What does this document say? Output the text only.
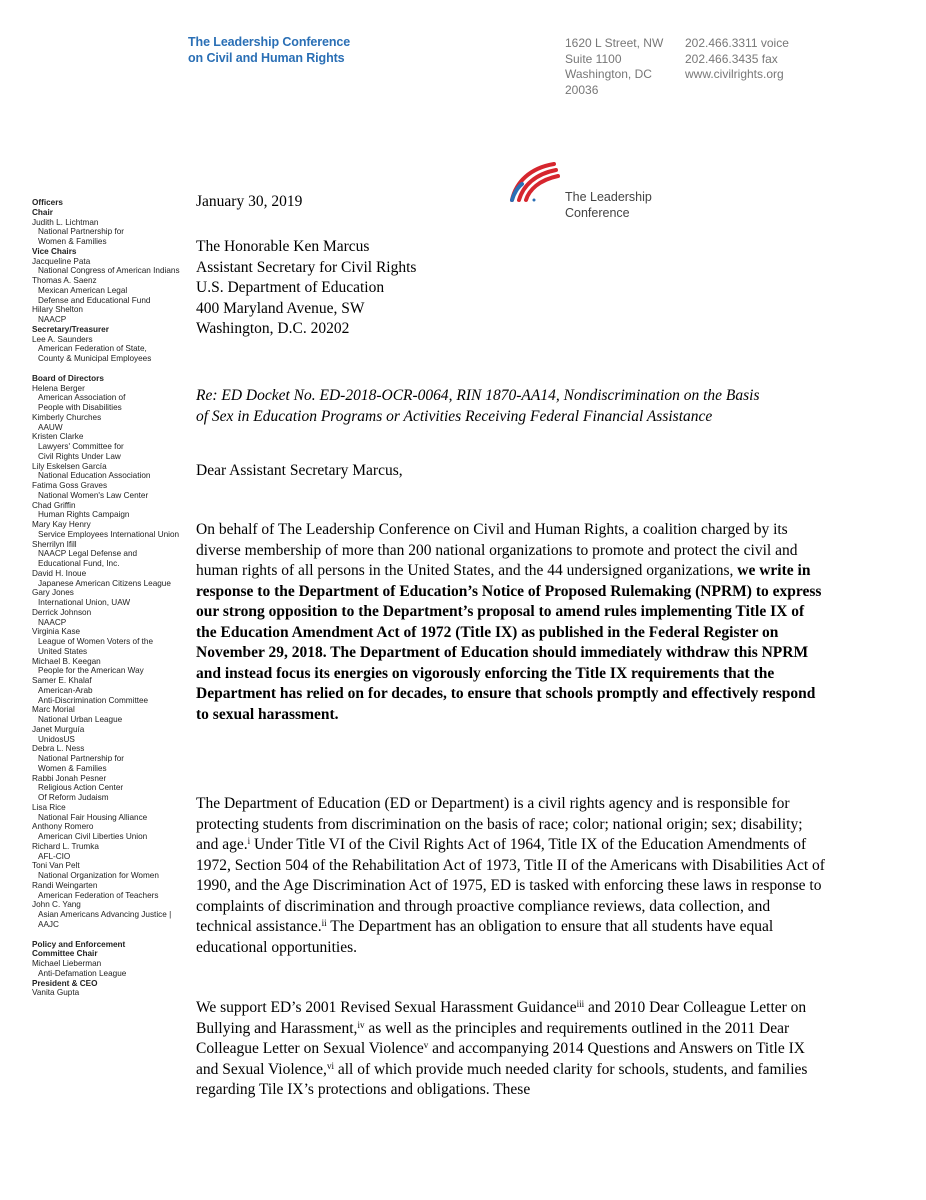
The Leadership Conference
on Civil and Human Rights
1620 L Street, NW
Suite 1100
Washington, DC
20036
202.466.3311 voice
202.466.3435 fax
www.civilrights.org
The Leadership
Conference
Officers
Chair
Judith L. Lichtman
National Partnership for
Women & Families
Vice Chairs
Jacqueline Pata
National Congress of American Indians
Thomas A. Saenz
Mexican American Legal
Defense and Educational Fund
Hilary Shelton
NAACP
Secretary/Treasurer
Lee A. Saunders
American Federation of State,
County & Municipal Employees
Board of Directors
Helena Berger
American Association of
People with Disabilities
Kimberly Churches
AAUW
Kristen Clarke
Lawyers' Committee for
Civil Rights Under Law
Lily Eskelsen García
National Education Association
Fatima Goss Graves
National Women's Law Center
Chad Griffin
Human Rights Campaign
Mary Kay Henry
Service Employees International Union
Sherrilyn Ifill
NAACP Legal Defense and
Educational Fund, Inc.
David H. Inoue
Japanese American Citizens League
Gary Jones
International Union, UAW
Derrick Johnson
NAACP
Virginia Kase
League of Women Voters of the
United States
Michael B. Keegan
People for the American Way
Samer E. Khalaf
American-Arab
Anti-Discrimination Committee
Marc Morial
National Urban League
Janet Murguía
UnidosUS
Debra L. Ness
National Partnership for
Women & Families
Rabbi Jonah Pesner
Religious Action Center
Of Reform Judaism
Lisa Rice
National Fair Housing Alliance
Anthony Romero
American Civil Liberties Union
Richard L. Trumka
AFL-CIO
Toni Van Pelt
National Organization for Women
Randi Weingarten
American Federation of Teachers
John C. Yang
Asian Americans Advancing Justice |
AAJC
Policy and Enforcement
Committee Chair
Michael Lieberman
Anti-Defamation League
President & CEO
Vanita Gupta
January 30, 2019
The Honorable Ken Marcus
Assistant Secretary for Civil Rights
U.S. Department of Education
400 Maryland Avenue, SW
Washington, D.C. 20202
Re: ED Docket No. ED-2018-OCR-0064, RIN 1870-AA14, Nondiscrimination on the Basis
of Sex in Education Programs or Activities Receiving Federal Financial Assistance
Dear Assistant Secretary Marcus,
On behalf of The Leadership Conference on Civil and Human Rights, a coalition charged by its diverse membership of more than 200 national organizations to promote and protect the civil and human rights of all persons in the United States, and the 44 undersigned organizations, we write in response to the Department of Education’s Notice of Proposed Rulemaking (NPRM) to express our strong opposition to the Department’s proposal to amend rules implementing Title IX of the Education Amendment Act of 1972 (Title IX) as published in the Federal Register on November 29, 2018. The Department of Education should immediately withdraw this NPRM and instead focus its energies on vigorously enforcing the Title IX requirements that the Department has relied on for decades, to ensure that schools promptly and effectively respond to sexual harassment.
The Department of Education (ED or Department) is a civil rights agency and is responsible for protecting students from discrimination on the basis of race; color; national origin; sex; disability; and age.$^i$ Under Title VI of the Civil Rights Act of 1964, Title IX of the Education Amendments of 1972, Section 504 of the Rehabilitation Act of 1973, Title II of the Americans with Disabilities Act of 1990, and the Age Discrimination Act of 1975, ED is tasked with enforcing these laws in response to complaints of discrimination and through proactive compliance reviews, data collection, and technical assistance.$^{ii}$ The Department has an obligation to ensure that all students have equal educational opportunities.
We support ED’s 2001 Revised Sexual Harassment Guidance$^{iii}$ and 2010 Dear Colleague Letter on Bullying and Harassment,$^{iv}$ as well as the principles and requirements outlined in the 2011 Dear Colleague Letter on Sexual Violence$^v$ and accompanying 2014 Questions and Answers on Title IX and Sexual Violence,$^{vi}$ all of which provide much needed clarity for schools, students, and families regarding Tile IX’s protections and obligations. These
